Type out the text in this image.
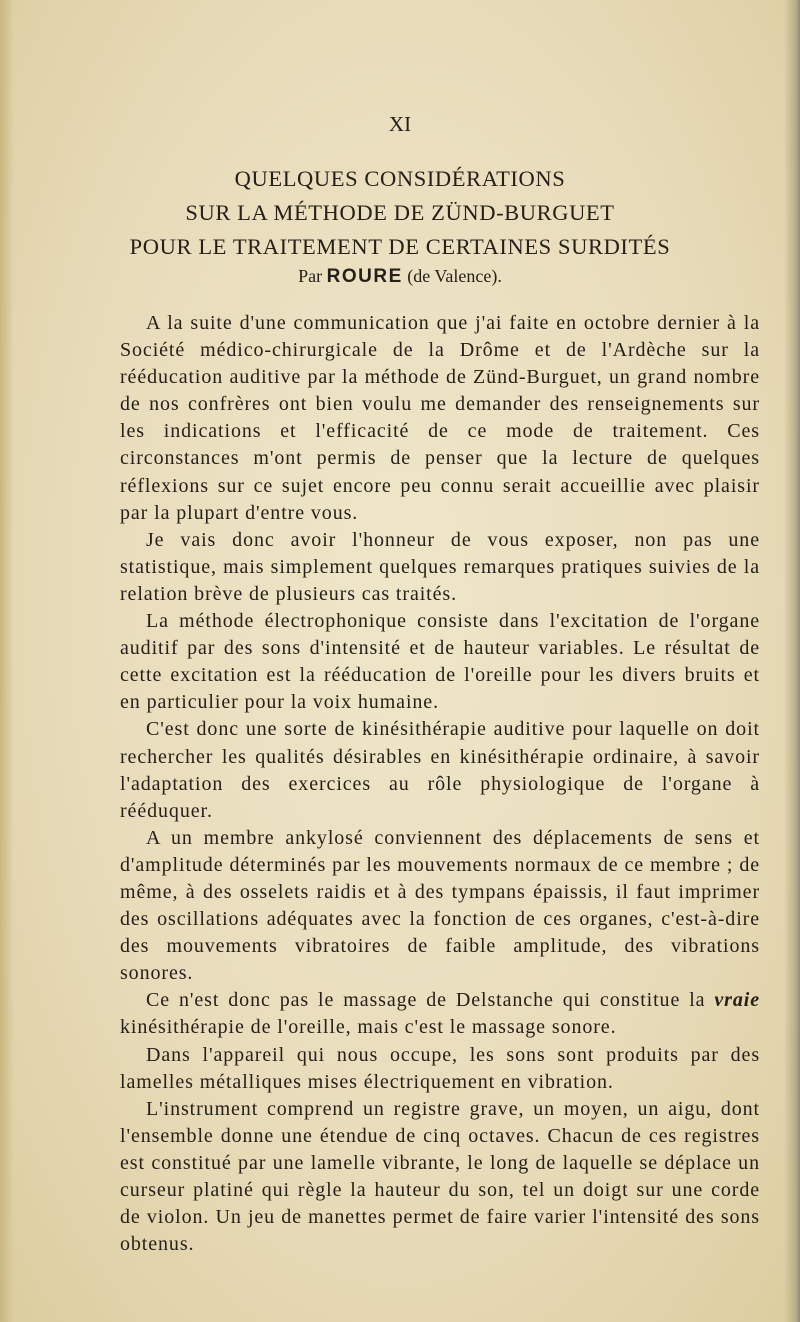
XI
QUELQUES CONSIDÉRATIONS
SUR LA MÉTHODE DE ZÜND-BURGUET
POUR LE TRAITEMENT DE CERTAINES SURDITÉS
Par ROURE (de Valence).

A la suite d'une communication que j'ai faite en octobre dernier à la Société médico-chirurgicale de la Drôme et de l'Ardèche sur la rééducation auditive par la méthode de Zünd-Burguet, un grand nombre de nos confrères ont bien voulu me demander des renseignements sur les indications et l'efficacité de ce mode de traitement. Ces circonstances m'ont permis de penser que la lecture de quelques réflexions sur ce sujet encore peu connu serait accueillie avec plaisir par la plupart d'entre vous.

Je vais donc avoir l'honneur de vous exposer, non pas une statistique, mais simplement quelques remarques pratiques suivies de la relation brève de plusieurs cas traités.

La méthode électrophonique consiste dans l'excitation de l'organe auditif par des sons d'intensité et de hauteur variables. Le résultat de cette excitation est la rééducation de l'oreille pour les divers bruits et en particulier pour la voix humaine.

C'est donc une sorte de kinésithérapie auditive pour laquelle on doit rechercher les qualités désirables en kinésithérapie ordinaire, à savoir l'adaptation des exercices au rôle physiologique de l'organe à rééduquer.

A un membre ankylosé conviennent des déplacements de sens et d'amplitude déterminés par les mouvements normaux de ce membre ; de même, à des osselets raidis et à des tympans épaissis, il faut imprimer des oscillations adéquates avec la fonction de ces organes, c'est-à-dire des mouvements vibratoires de faible amplitude, des vibrations sonores.

Ce n'est donc pas le massage de Delstanche qui constitue la vraie kinésithérapie de l'oreille, mais c'est le massage sonore.

Dans l'appareil qui nous occupe, les sons sont produits par des lamelles métalliques mises électriquement en vibration.

L'instrument comprend un registre grave, un moyen, un aigu, dont l'ensemble donne une étendue de cinq octaves. Chacun de ces registres est constitué par une lamelle vibrante, le long de laquelle se déplace un curseur platiné qui règle la hauteur du son, tel un doigt sur une corde de violon. Un jeu de manettes permet de faire varier l'intensité des sons obtenus.
